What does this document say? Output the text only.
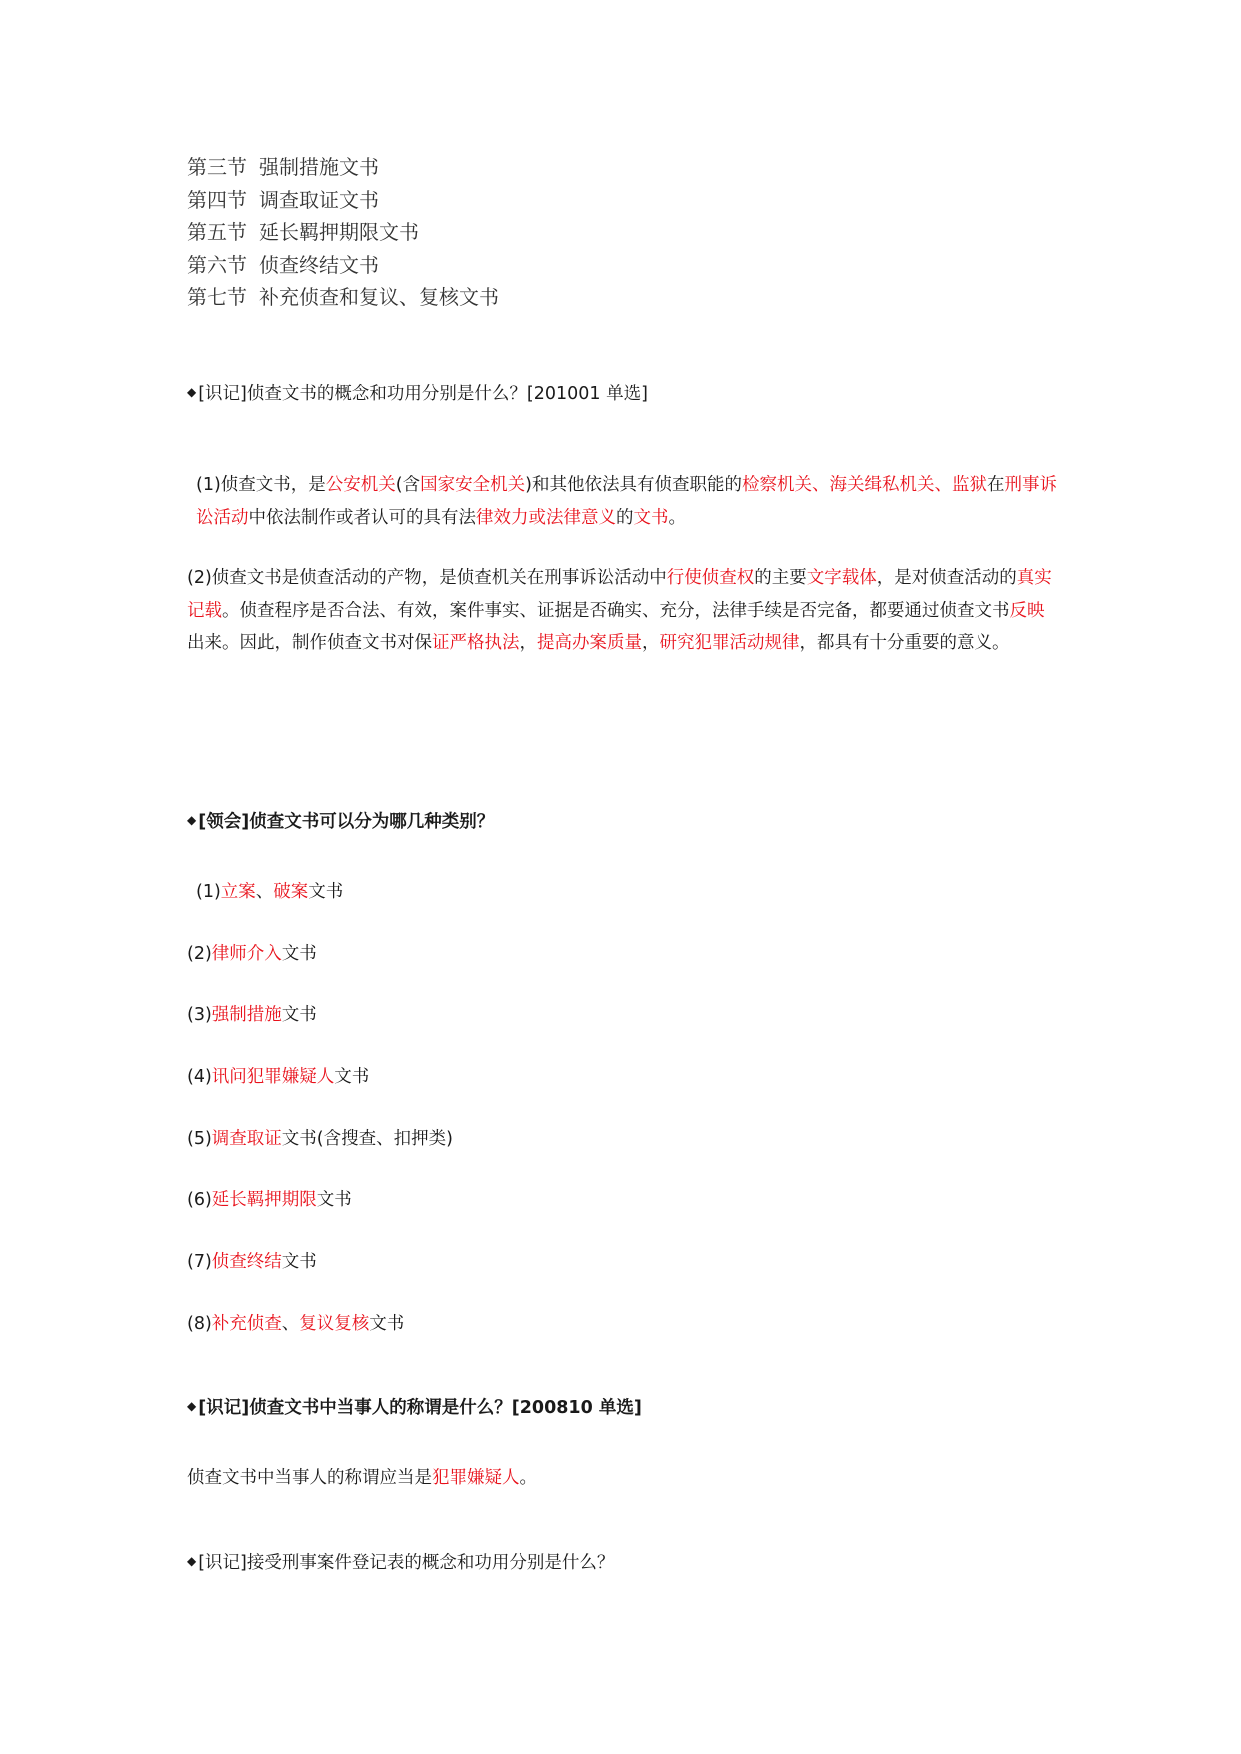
第三节 强制措施文书
第四节 调查取证文书
第五节 延长羁押期限文书
第六节 侦查终结文书
第七节 补充侦查和复议、复核文书
◆ [识记]侦查文书的概念和功用分别是什么？[201001 单选]
(1)侦查文书，是公安机关(含国家安全机关)和其他依法具有侦查职能的检察机关、海关缉私机关、监狱在刑事诉讼活动中依法制作或者认可的具有法律效力或法律意义的文书。
(2)侦查文书是侦查活动的产物，是侦查机关在刑事诉讼活动中行使侦查权的主要文字载体，是对侦查活动的真实记载。侦查程序是否合法、有效，案件事实、证据是否确实、充分，法律手续是否完备，都要通过侦查文书反映出来。因此，制作侦查文书对保证严格执法，提高办案质量，研究犯罪活动规律，都具有十分重要的意义。
◆ [领会]侦查文书可以分为哪几种类别？
(1)立案、破案文书
(2)律师介入文书
(3)强制措施文书
(4)讯问犯罪嫌疑人文书
(5)调查取证文书(含搜查、扣押类)
(6)延长羁押期限文书
(7)侦查终结文书
(8)补充侦查、复议复核文书
◆ [识记]侦查文书中当事人的称谓是什么？[200810 单选]
侦查文书中当事人的称谓应当是犯罪嫌疑人。
◆ [识记]接受刑事案件登记表的概念和功用分别是什么？
